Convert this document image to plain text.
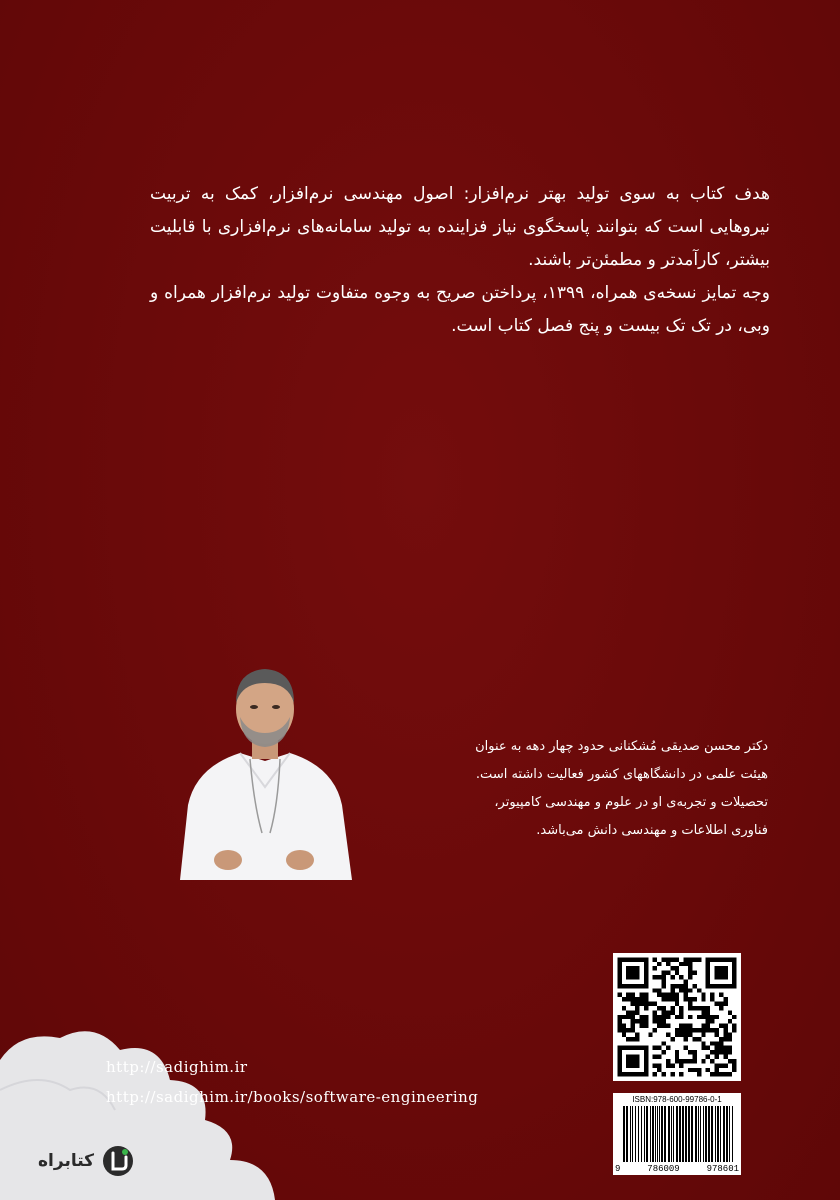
هدف کتاب به سوی تولید بهتر نرم‌افزار: اصول مهندسی نرم‌افزار، کمک به تربیت نیروهایی است که بتوانند پاسخگوی نیاز فزاینده به تولید سامانه‌های نرم‌افزاری با قابلیت بیشتر، کارآمدتر و مطمئن‌تر باشند.

وجه تمایز نسخه‌ی همراه، ۱۳۹۹، پرداختن صریح به وجوه متفاوت تولید نرم‌افزار همراه و وبی، در تک تک بیست و پنج فصل کتاب است.

دکتر محسن صدیقی مُشکنانی حدود چهار دهه به عنوان

هیئت علمی در دانشگاههای کشور فعالیت داشته است.

تحصیلات و تجربه‌ی او در علوم و مهندسی کامپیوتر،

فناوری اطلاعات و مهندسی دانش می‌باشد.

ISBN:978-600-99786-0-1
9	786009	978601
http://sadighim.ir
http://sadighim.ir/books/software-engineering
کتابراه
